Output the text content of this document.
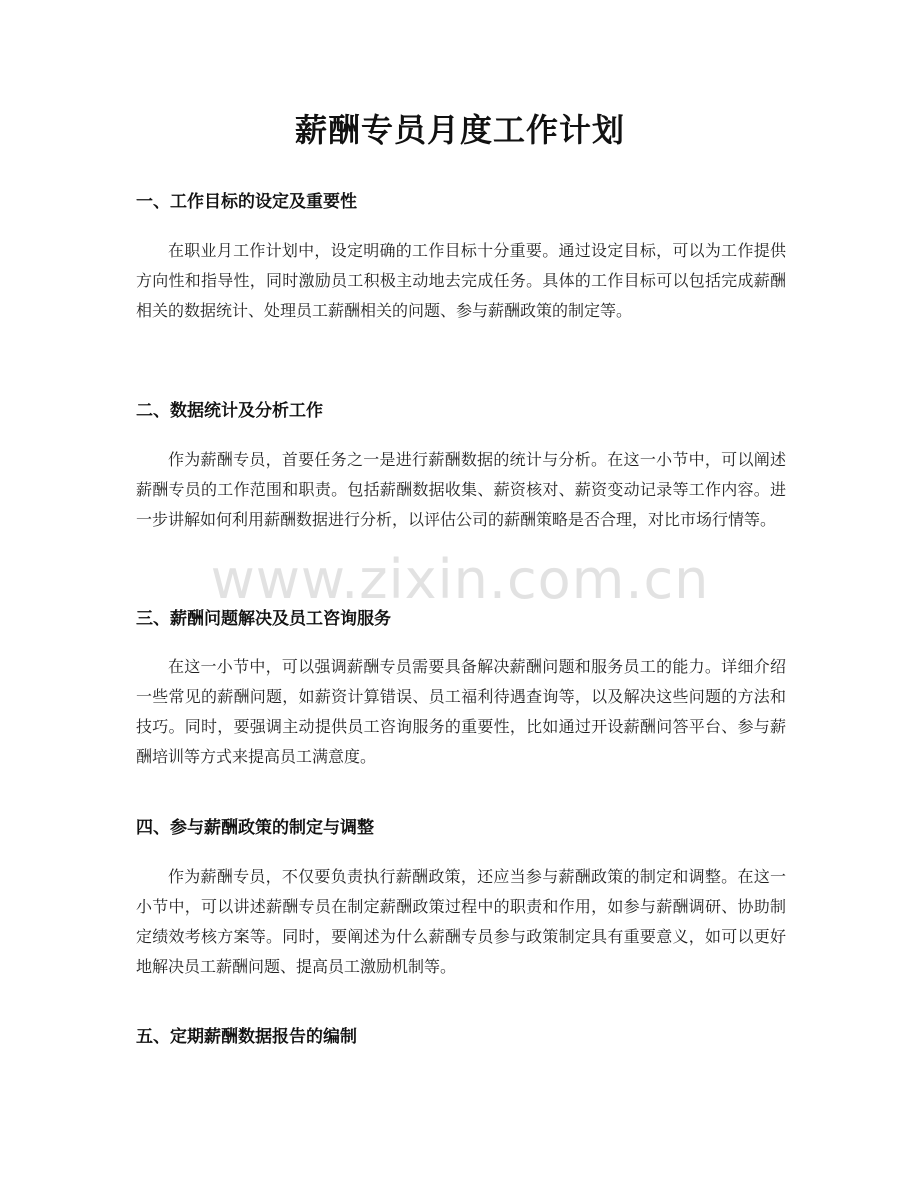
薪酬专员月度工作计划
一、工作目标的设定及重要性
在职业月工作计划中，设定明确的工作目标十分重要。通过设定目标，可以为工作提供方向性和指导性，同时激励员工积极主动地去完成任务。具体的工作目标可以包括完成薪酬相关的数据统计、处理员工薪酬相关的问题、参与薪酬政策的制定等。
二、数据统计及分析工作
作为薪酬专员，首要任务之一是进行薪酬数据的统计与分析。在这一小节中，可以阐述薪酬专员的工作范围和职责。包括薪酬数据收集、薪资核对、薪资变动记录等工作内容。进一步讲解如何利用薪酬数据进行分析，以评估公司的薪酬策略是否合理，对比市场行情等。
三、薪酬问题解决及员工咨询服务
在这一小节中，可以强调薪酬专员需要具备解决薪酬问题和服务员工的能力。详细介绍一些常见的薪酬问题，如薪资计算错误、员工福利待遇查询等，以及解决这些问题的方法和技巧。同时，要强调主动提供员工咨询服务的重要性，比如通过开设薪酬问答平台、参与薪酬培训等方式来提高员工满意度。
四、参与薪酬政策的制定与调整
作为薪酬专员，不仅要负责执行薪酬政策，还应当参与薪酬政策的制定和调整。在这一小节中，可以讲述薪酬专员在制定薪酬政策过程中的职责和作用，如参与薪酬调研、协助制定绩效考核方案等。同时，要阐述为什么薪酬专员参与政策制定具有重要意义，如可以更好地解决员工薪酬问题、提高员工激励机制等。
五、定期薪酬数据报告的编制
www.zixin.com.cn
